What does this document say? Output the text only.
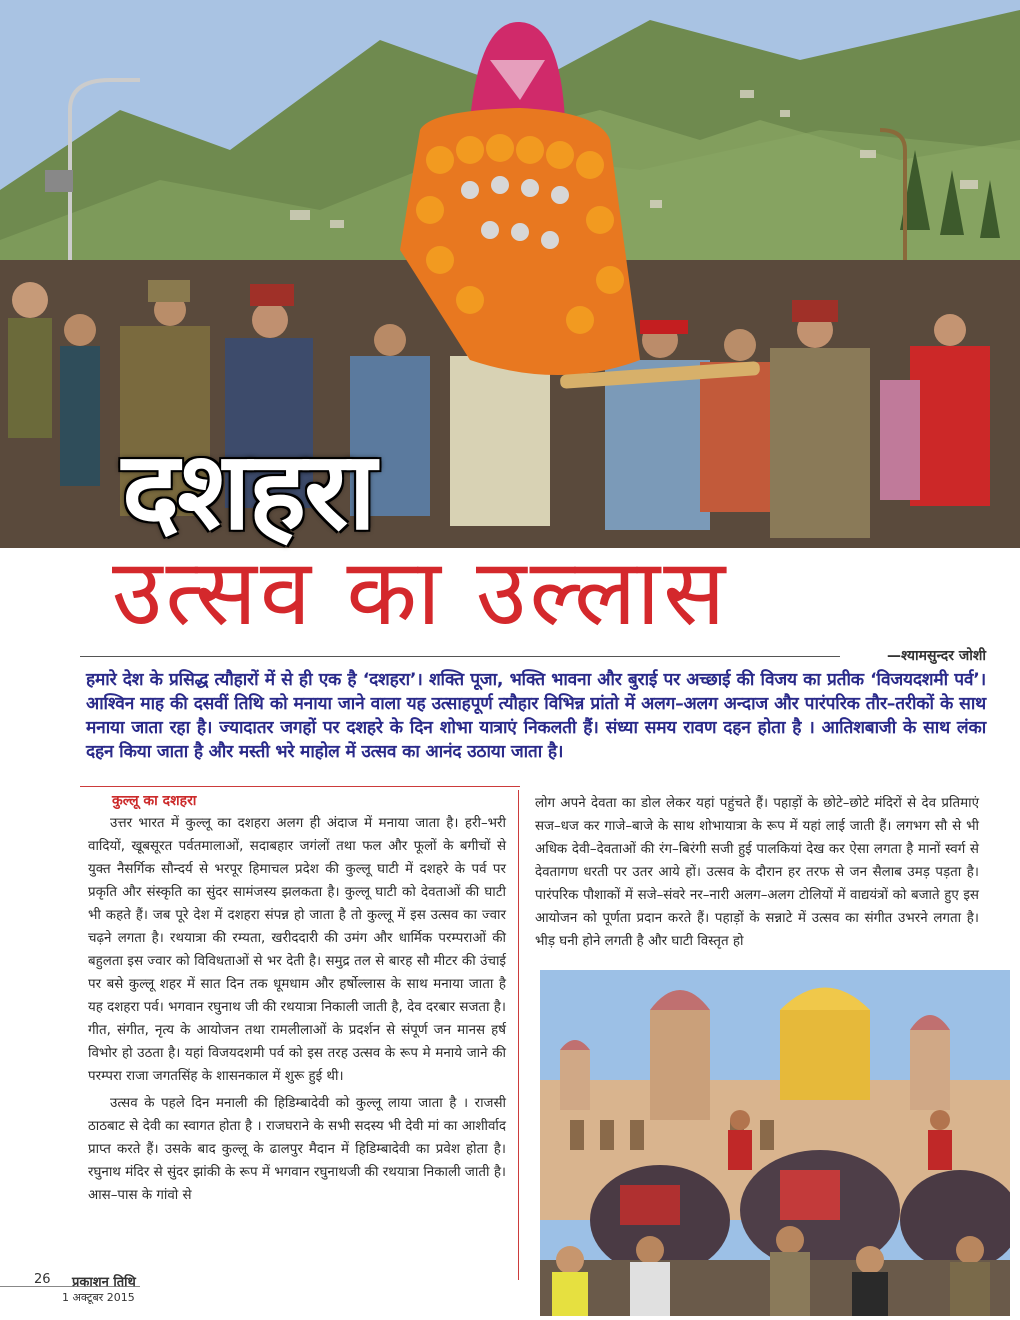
दशहरा
उत्सव का उल्लास
—श्यामसुन्दर जोशी
हमारे देश के प्रसिद्ध त्यौहारों में से ही एक है ‘दशहरा’। शक्ति पूजा, भक्ति भावना और बुराई पर अच्छाई की विजय का प्रतीक ‘विजयदशमी पर्व’। आश्विन माह की दसवीं तिथि को मनाया जाने वाला यह उत्साहपूर्ण त्यौहार विभिन्न प्रांतो में अलग–अलग अन्दाज और पारंपरिक तौर–तरीकों के साथ मनाया जाता रहा है। ज्यादातर जगहों पर दशहरे के दिन शोभा यात्राएं निकलती हैं। संध्या समय रावण दहन होता है । आतिशबाजी के साथ लंका दहन किया जाता है और मस्ती भरे माहोल में उत्सव का आनंद उठाया जाता है।
कुल्लू का दशहरा

उत्तर भारत में कुल्लू का दशहरा अलग ही अंदाज में मनाया जाता है। हरी–भरी वादियों, खूबसूरत पर्वतमालाओं, सदाबहार जगंलों तथा फल और फूलों के बगीचों से युक्त नैसर्गिक सौन्दर्य से भरपूर हिमाचल प्रदेश की कुल्लू घाटी में दशहरे के पर्व पर प्रकृति और संस्कृति का सुंदर सामंजस्य झलकता है। कुल्लू घाटी को देवताओं की घाटी भी कहते हैं। जब पूरे देश में दशहरा संपन्न हो जाता है तो कुल्लू में इस उत्सव का ज्वार चढ़ने लगता है। रथयात्रा की रम्यता, खरीददारी की उमंग और धार्मिक परम्पराओं की बहुलता इस ज्वार को विविधताओं से भर देती है। समुद्र तल से बारह सौ मीटर की उंचाई पर बसे कुल्लू शहर में सात दिन तक धूमधाम और हर्षोल्लास के साथ मनाया जाता है यह दशहरा पर्व। भगवान रघुनाथ जी की रथयात्रा निकाली जाती है, देव दरबार सजता है। गीत, संगीत, नृत्य के आयोजन तथा रामलीलाओं के प्रदर्शन से संपूर्ण जन मानस हर्ष विभोर हो उठता है। यहां विजयदशमी पर्व को इस तरह उत्सव के रूप मे मनाये जाने की परम्परा राजा जगतसिंह के शासनकाल में शुरू हुई थी।

उत्सव के पहले दिन मनाली की हिडिम्बादेवी को कुल्लू लाया जाता है । राजसी ठाठबाट से देवी का स्वागत होता है । राजघराने के सभी सदस्य भी देवी मां का आशीर्वाद प्राप्त करते हैं। उसके बाद कुल्लू के ढालपुर मैदान में हिडिम्बादेवी का प्रवेश होता है। रघुनाथ मंदिर से सुंदर झांकी के रूप में भगवान रघुनाथजी की रथयात्रा निकाली जाती है। आस–पास के गांवो से

लोग अपने देवता का डोल लेकर यहां पहुंचते हैं। पहाड़ों के छोटे–छोटे मंदिरों से देव प्रतिमाएं सज–धज कर गाजे–बाजे के साथ शोभायात्रा के रूप में यहां लाई जाती हैं। लगभग सौ से भी अधिक देवी–देवताओं की रंग–बिरंगी सजी हुई पालकियां देख कर ऐसा लगता है मानों स्वर्ग से देवतागण धरती पर उतर आये हों। उत्सव के दौरान हर तरफ से जन सैलाब उमड़ पड़ता है। पारंपरिक पौशाकों में सजे–संवरे नर–नारी अलग–अलग टोलियों में वाद्ययंत्रों को बजाते हुए इस आयोजन को पूर्णता प्रदान करते हैं। पहाड़ों के सन्नाटे में उत्सव का संगीत उभरने लगता है। भीड़ घनी होने लगती है और घाटी विस्तृत हो

26 प्रकाशन तिथि
1 अक्टूबर 2015
